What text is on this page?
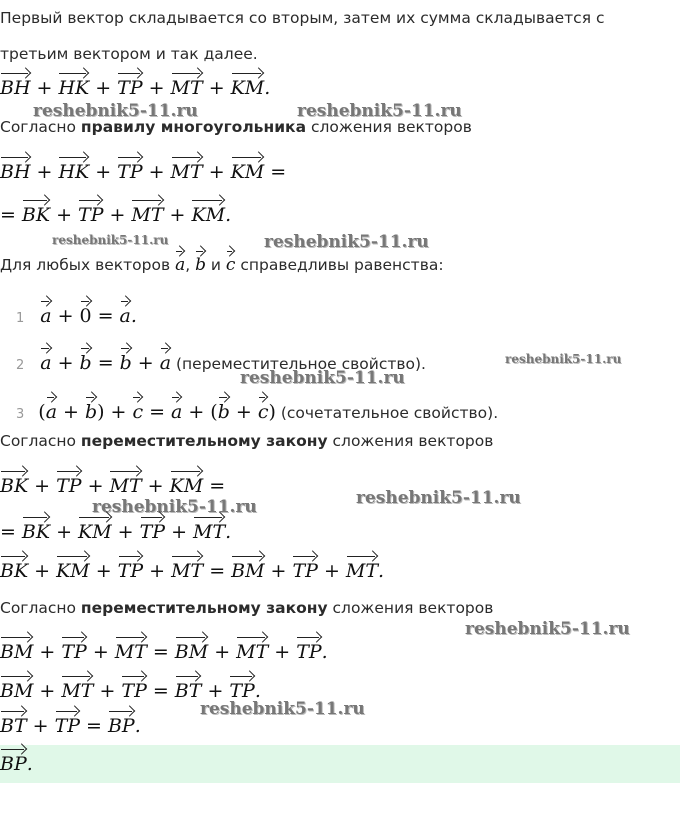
Первый вектор складывается со вторым, затем их сумма складывается с
третьим вектором и так далее.
BH + HK + TP + MT + KM.
reshebnik5-11.ru	reshebnik5-11.ru
Согласно правилу многоугольника сложения векторов
BH + HK + TP + MT + KM =
= BK + TP + MT + KM.
reshebnik5-11.ru	reshebnik5-11.ru
Для любых векторов a, b и c справедливы равенства:
1 a + 0 = a.
2 a + b = b + a (переместительное свойство).	reshebnik5-11.ru
reshebnik5-11.ru
3 (a + b) + c = a + (b + c) (сочетательное свойство).
Согласно переместительному закону сложения векторов
BK + TP + MT + KM =
reshebnik5-11.ru
reshebnik5-11.ru
= BK + KM + TP + MT.
BK + KM + TP + MT = BM + TP + MT.
Согласно переместительному закону сложения векторов
reshebnik5-11.ru
BM + TP + MT = BM + MT + TP.
BM + MT + TP = BT + TP.
reshebnik5-11.ru
BT + TP = BP.
BP.
